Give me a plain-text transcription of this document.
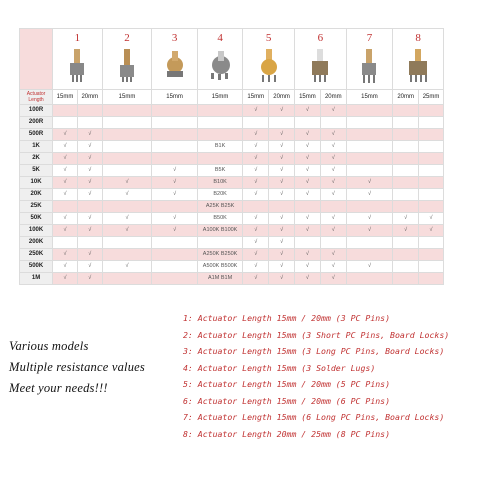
	1		2	3	4	5		6		7	8	

Actuator Length	15mm	20mm	15mm	15mm	15mm	15mm	20mm	15mm	20mm	15mm	20mm	25mm
100R						√	√	√	√			
200R												
500R	√	√				√	√	√	√			
1K	√	√			B1K	√	√	√	√			
2K	√	√				√	√	√	√			
5K	√	√		√	B5K	√	√	√	√			
10K	√	√	√	√	B10K	√	√	√	√	√		
20K	√	√	√	√	B20K	√	√	√	√	√		
25K					A25K B25K							
50K	√	√	√	√	B50K	√	√	√	√	√	√	√
100K	√	√	√	√	A100K B100K	√	√	√	√	√	√	√
200K						√	√					
250K	√	√			A250K B250K	√	√	√	√			
500K	√	√	√		A500K B500K	√	√	√	√	√		
1M	√	√			A1M B1M	√	√	√	√			
Various models
Multiple resistance values
Meet your needs!!!
1: Actuator Length 15mm / 20mm (3 PC Pins)
2: Actuator Length 15mm (3 Short PC Pins, Board Locks)
3: Actuator Length 15mm (3 Long PC Pins, Board Locks)
4: Actuator Length 15mm (3 Solder Lugs)
5: Actuator Length 15mm / 20mm (5 PC Pins)
6: Actuator Length 15mm / 20mm (6 PC Pins)
7: Actuator Length 15mm (6 Long PC Pins, Board Locks)
8: Actuator Length 20mm / 25mm (8 PC Pins)
